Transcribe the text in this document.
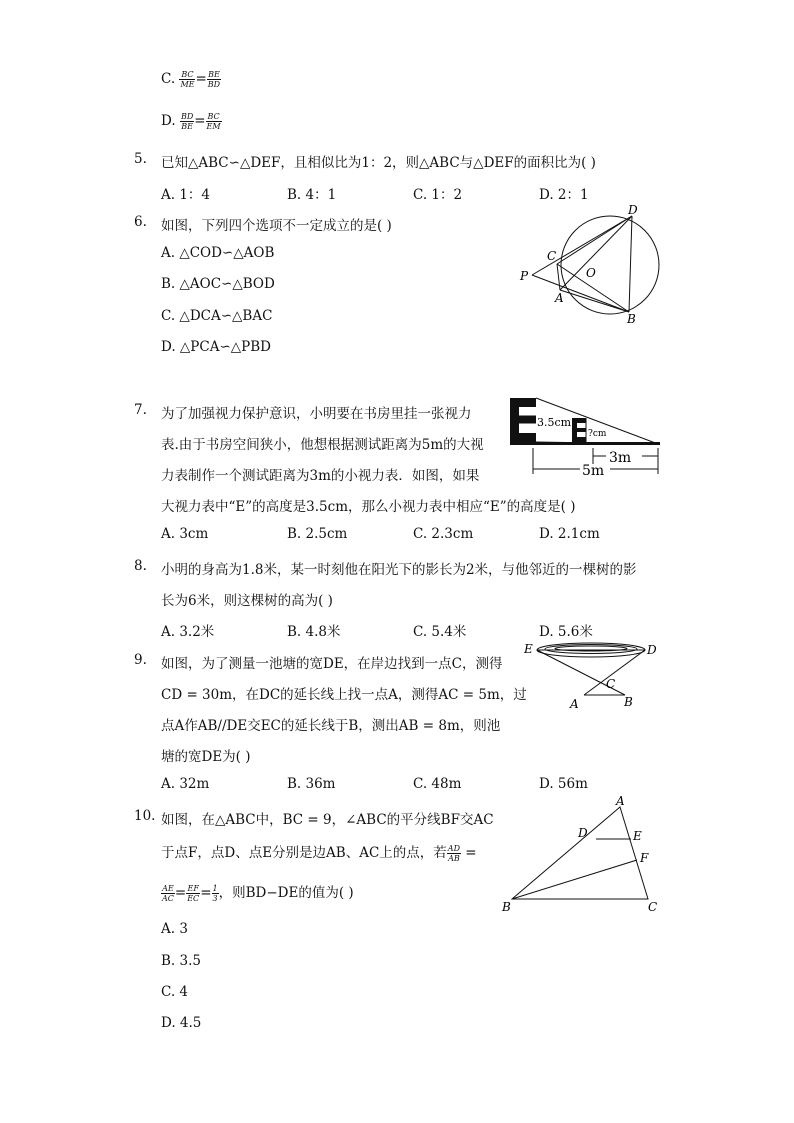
C. $\frac{BC}{ME} = \frac{BE}{BD}$
D. $\frac{BD}{BE} = \frac{BC}{EM}$
5. 已知△ABC∽△DEF，且相似比为1：2，则△ABC与△DEF的面积比为( )
A. 1：4	B. 4：1	C. 1：2	D. 2：1
6. 如图，下列四个选项不一定成立的是( )
A. △COD∽△AOB
B. △AOC∽△BOD
C. △DCA∽△BAC
D. △PCA∽△PBD
D
C
O
P
A
B
7. 为了加强视力保护意识，小明要在书房里挂一张视力
表.由于书房空间狭小，他想根据测试距离为5m的大视
力表制作一个测试距离为3m的小视力表．如图，如果
大视力表中“E”的高度是3.5cm，那么小视力表中相应“E”的高度是( )
A. 3cm	B. 2.5cm	C. 2.3cm	D. 2.1cm
3.5cm
?cm
5m
3m
8. 小明的身高为1.8米，某一时刻他在阳光下的影长为2米，与他邻近的一棵树的影
长为6米，则这棵树的高为( )
A. 3.2米	B. 4.8米	C. 5.4米	D. 5.6米
9. 如图，为了测量一池塘的宽DE，在岸边找到一点C，测得
CD = 30m，在DC的延长线上找一点A，测得AC = 5m，过
点A作AB//DE交EC的延长线于B，测出AB = 8m，则池
塘的宽DE为( )
A. 32m	B. 36m	C. 48m	D. 56m
E	D
C
A	B
10. 如图，在△ABC中，BC = 9，∠ABC的平分线BF交AC
于点F，点D、点E分别是边AB、AC上的点，若 $\frac{AD}{AB}$ =
$\frac{AE}{AC} = \frac{EF}{EC} = \frac{1}{3}$ ，则BD−DE的值为( )
A. 3
B. 3.5
C. 4
D. 4.5
A
D	E
F
B	C
